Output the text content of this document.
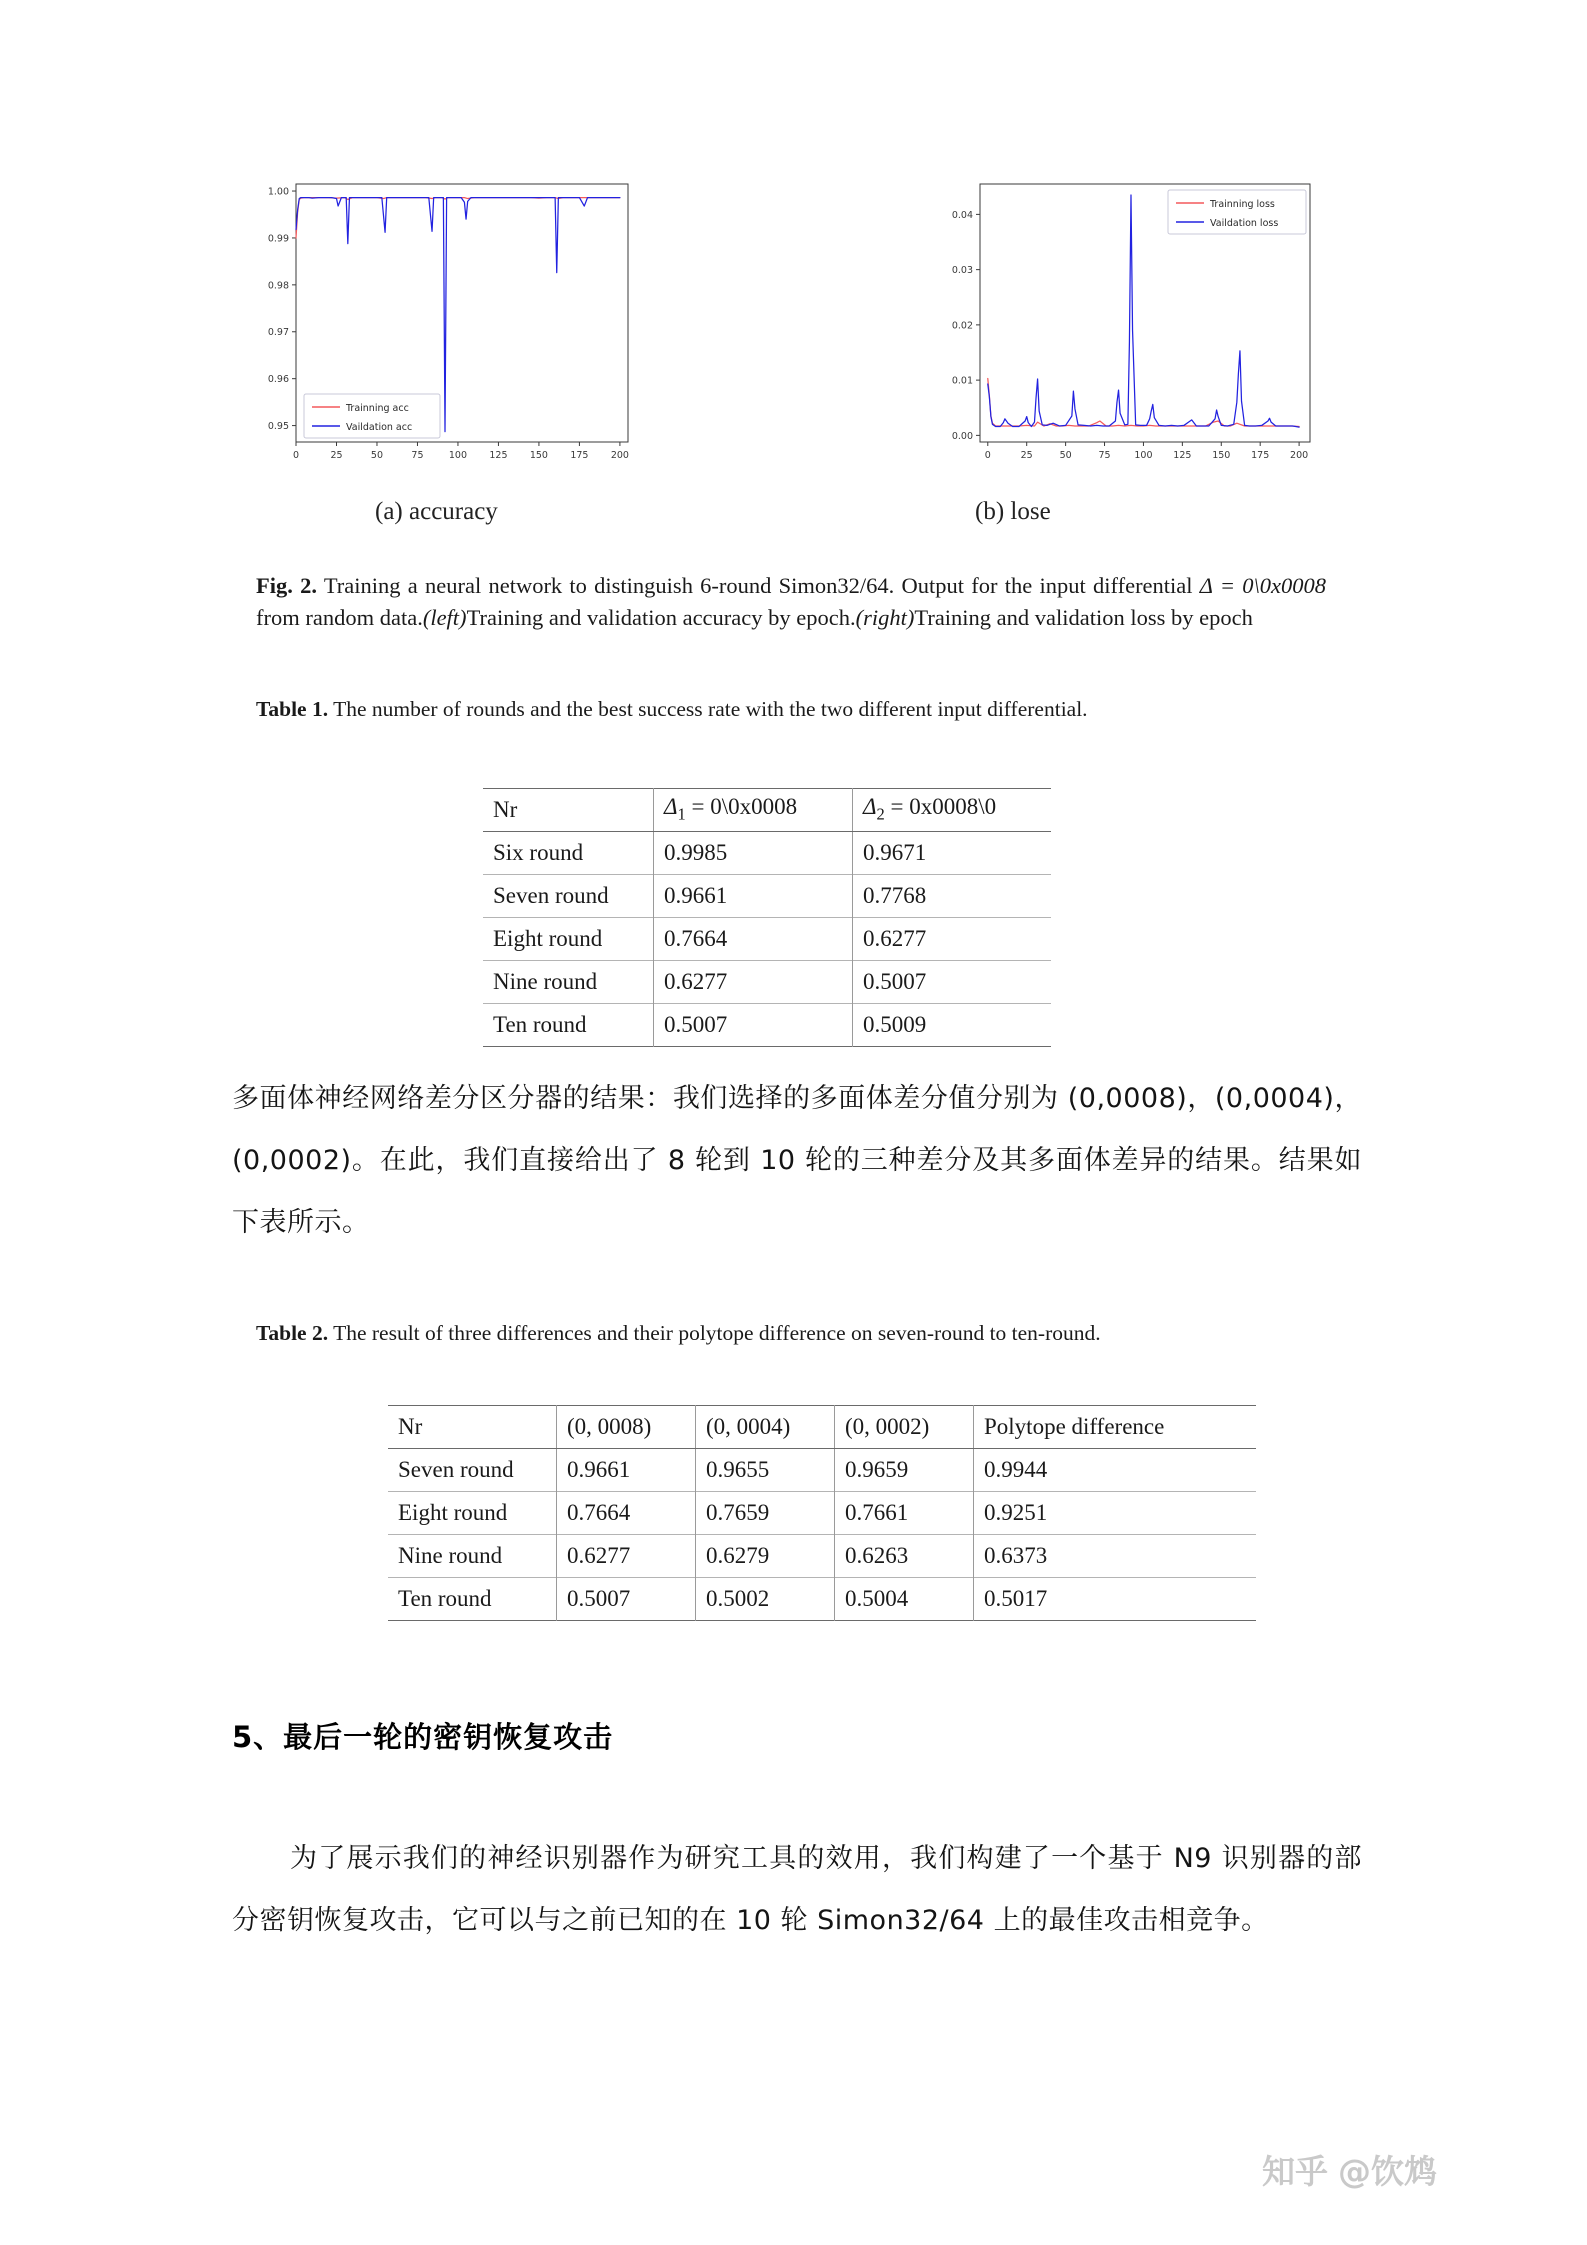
0.95
0.96
0.97
0.98
0.99
1.00
0	25	50	75	100 125 150 175 200
Trainning acc
Vaildation acc
0.00
0.01
0.02
0.03
0.04
0	25	50	75	100 125 150 175 200
Trainning loss
Vaildation loss
(a) accuracy	(b) lose
Fig. 2. Training a neural network to distinguish 6-round Simon32/64. Output for the input differential Δ = 0\0x0008 from random data.(left)Training and validation accuracy by epoch.(right)Training and validation loss by epoch
Table 1. The number of rounds and the best success rate with the two different input differential.
Nr	$\Delta_1$ = 0\0x0008	$\Delta_2$ = 0x0008\0
Six round	0.9985	0.9671
Seven round	0.9661	0.7768
Eight round	0.7664	0.6277
Nine round	0.6277	0.5007
Ten round	0.5007	0.5009
多面体神经网络差分区分器的结果：我们选择的多面体差分值分别为 (0,0008)，(0,0004)，(0,0002)。在此，我们直接给出了 8 轮到 10 轮的三种差分及其多面体差异的结果。结果如下表所示。
Table 2. The result of three differences and their polytope difference on seven-round to ten-round.
Nr	(0, 0008)	(0, 0004)	(0, 0002)	Polytope difference
Seven round	0.9661	0.9655	0.9659	0.9944
Eight round	0.7664	0.7659	0.7661	0.9251
Nine round	0.6277	0.6279	0.6263	0.6373
Ten round	0.5007	0.5002	0.5004	0.5017
5、最后一轮的密钥恢复攻击
为了展示我们的神经识别器作为研究工具的效用，我们构建了一个基于 N9 识别器的部分密钥恢复攻击，它可以与之前已知的在 10 轮 Simon32/64 上的最佳攻击相竞争。
知乎 @饮鸩
